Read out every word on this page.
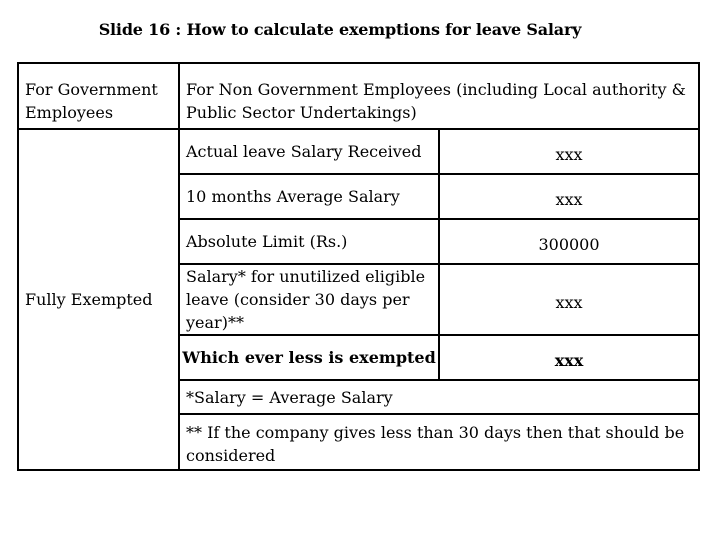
Slide 16 : How to calculate exemptions for leave Salary
For Government Employees	For Non Government Employees (including Local authority & Public Sector Undertakings)	

Fully Exempted	Actual leave Salary Received	xxx

	10 months Average Salary	xxx

	Absolute Limit (Rs.)	300000

	Salary* for unutilized eligible leave (consider 30 days per year)**	xxx
	Which ever less is exempted	xxx

	*Salary = Average Salary	

	** If the company gives less than 30 days then that should be considered	
